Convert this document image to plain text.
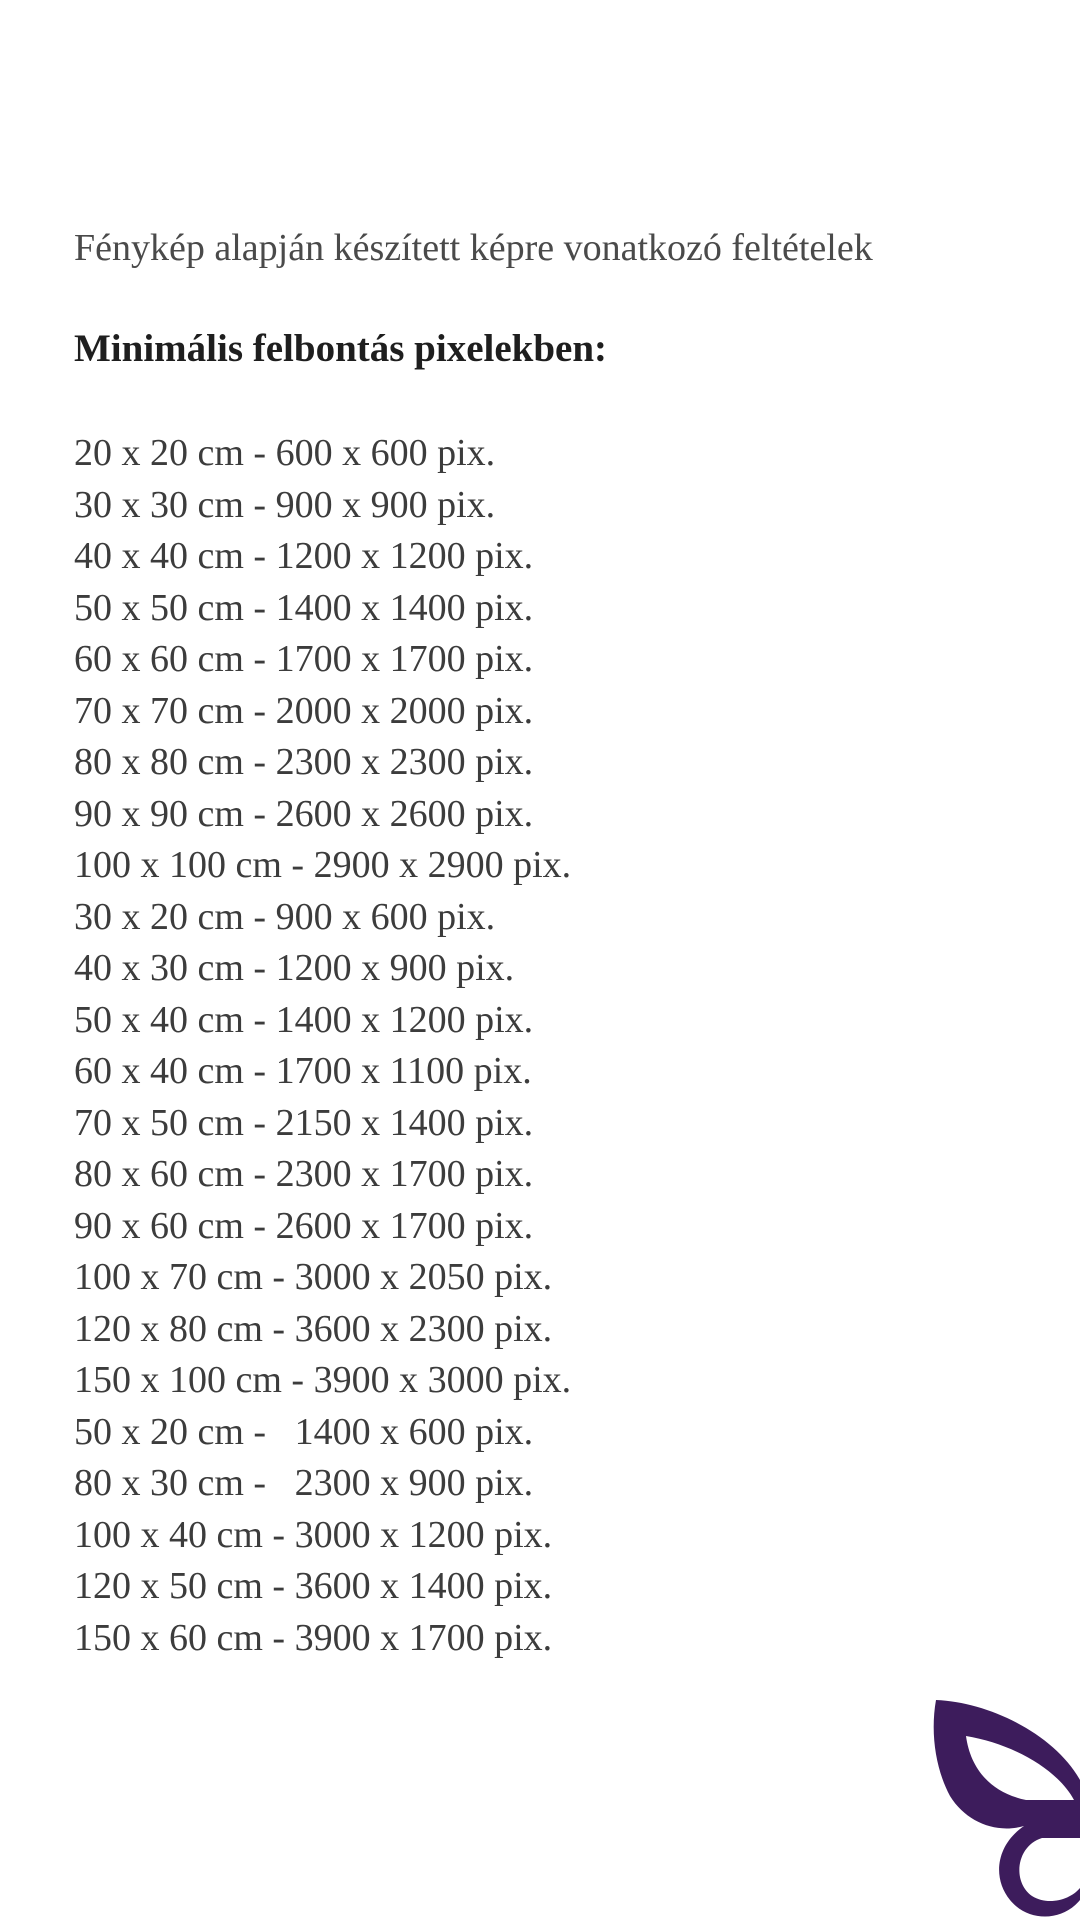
Fénykép alapján készített képre vonatkozó feltételek

Minimális felbontás pixelekben:

20 x 20 cm - 600 x 600 pix.
30 x 30 cm - 900 x 900 pix.
40 x 40 cm - 1200 x 1200 pix.
50 x 50 cm - 1400 x 1400 pix.
60 x 60 cm - 1700 x 1700 pix.
70 x 70 cm - 2000 x 2000 pix.
80 x 80 cm - 2300 x 2300 pix.
90 x 90 cm - 2600 x 2600 pix.
100 x 100 cm - 2900 x 2900 pix.
30 x 20 cm - 900 x 600 pix.
40 x 30 cm - 1200 x 900 pix.
50 x 40 cm - 1400 x 1200 pix.
60 x 40 cm - 1700 x 1100 pix.
70 x 50 cm - 2150 x 1400 pix.
80 x 60 cm - 2300 x 1700 pix.
90 x 60 cm - 2600 x 1700 pix.
100 x 70 cm - 3000 x 2050 pix.
120 x 80 cm - 3600 x 2300 pix.
150 x 100 cm - 3900 x 3000 pix.
50 x 20 cm -   1400 x 600 pix.
80 x 30 cm -   2300 x 900 pix.
100 x 40 cm - 3000 x 1200 pix.
120 x 50 cm - 3600 x 1400 pix.
150 x 60 cm - 3900 x 1700 pix.
